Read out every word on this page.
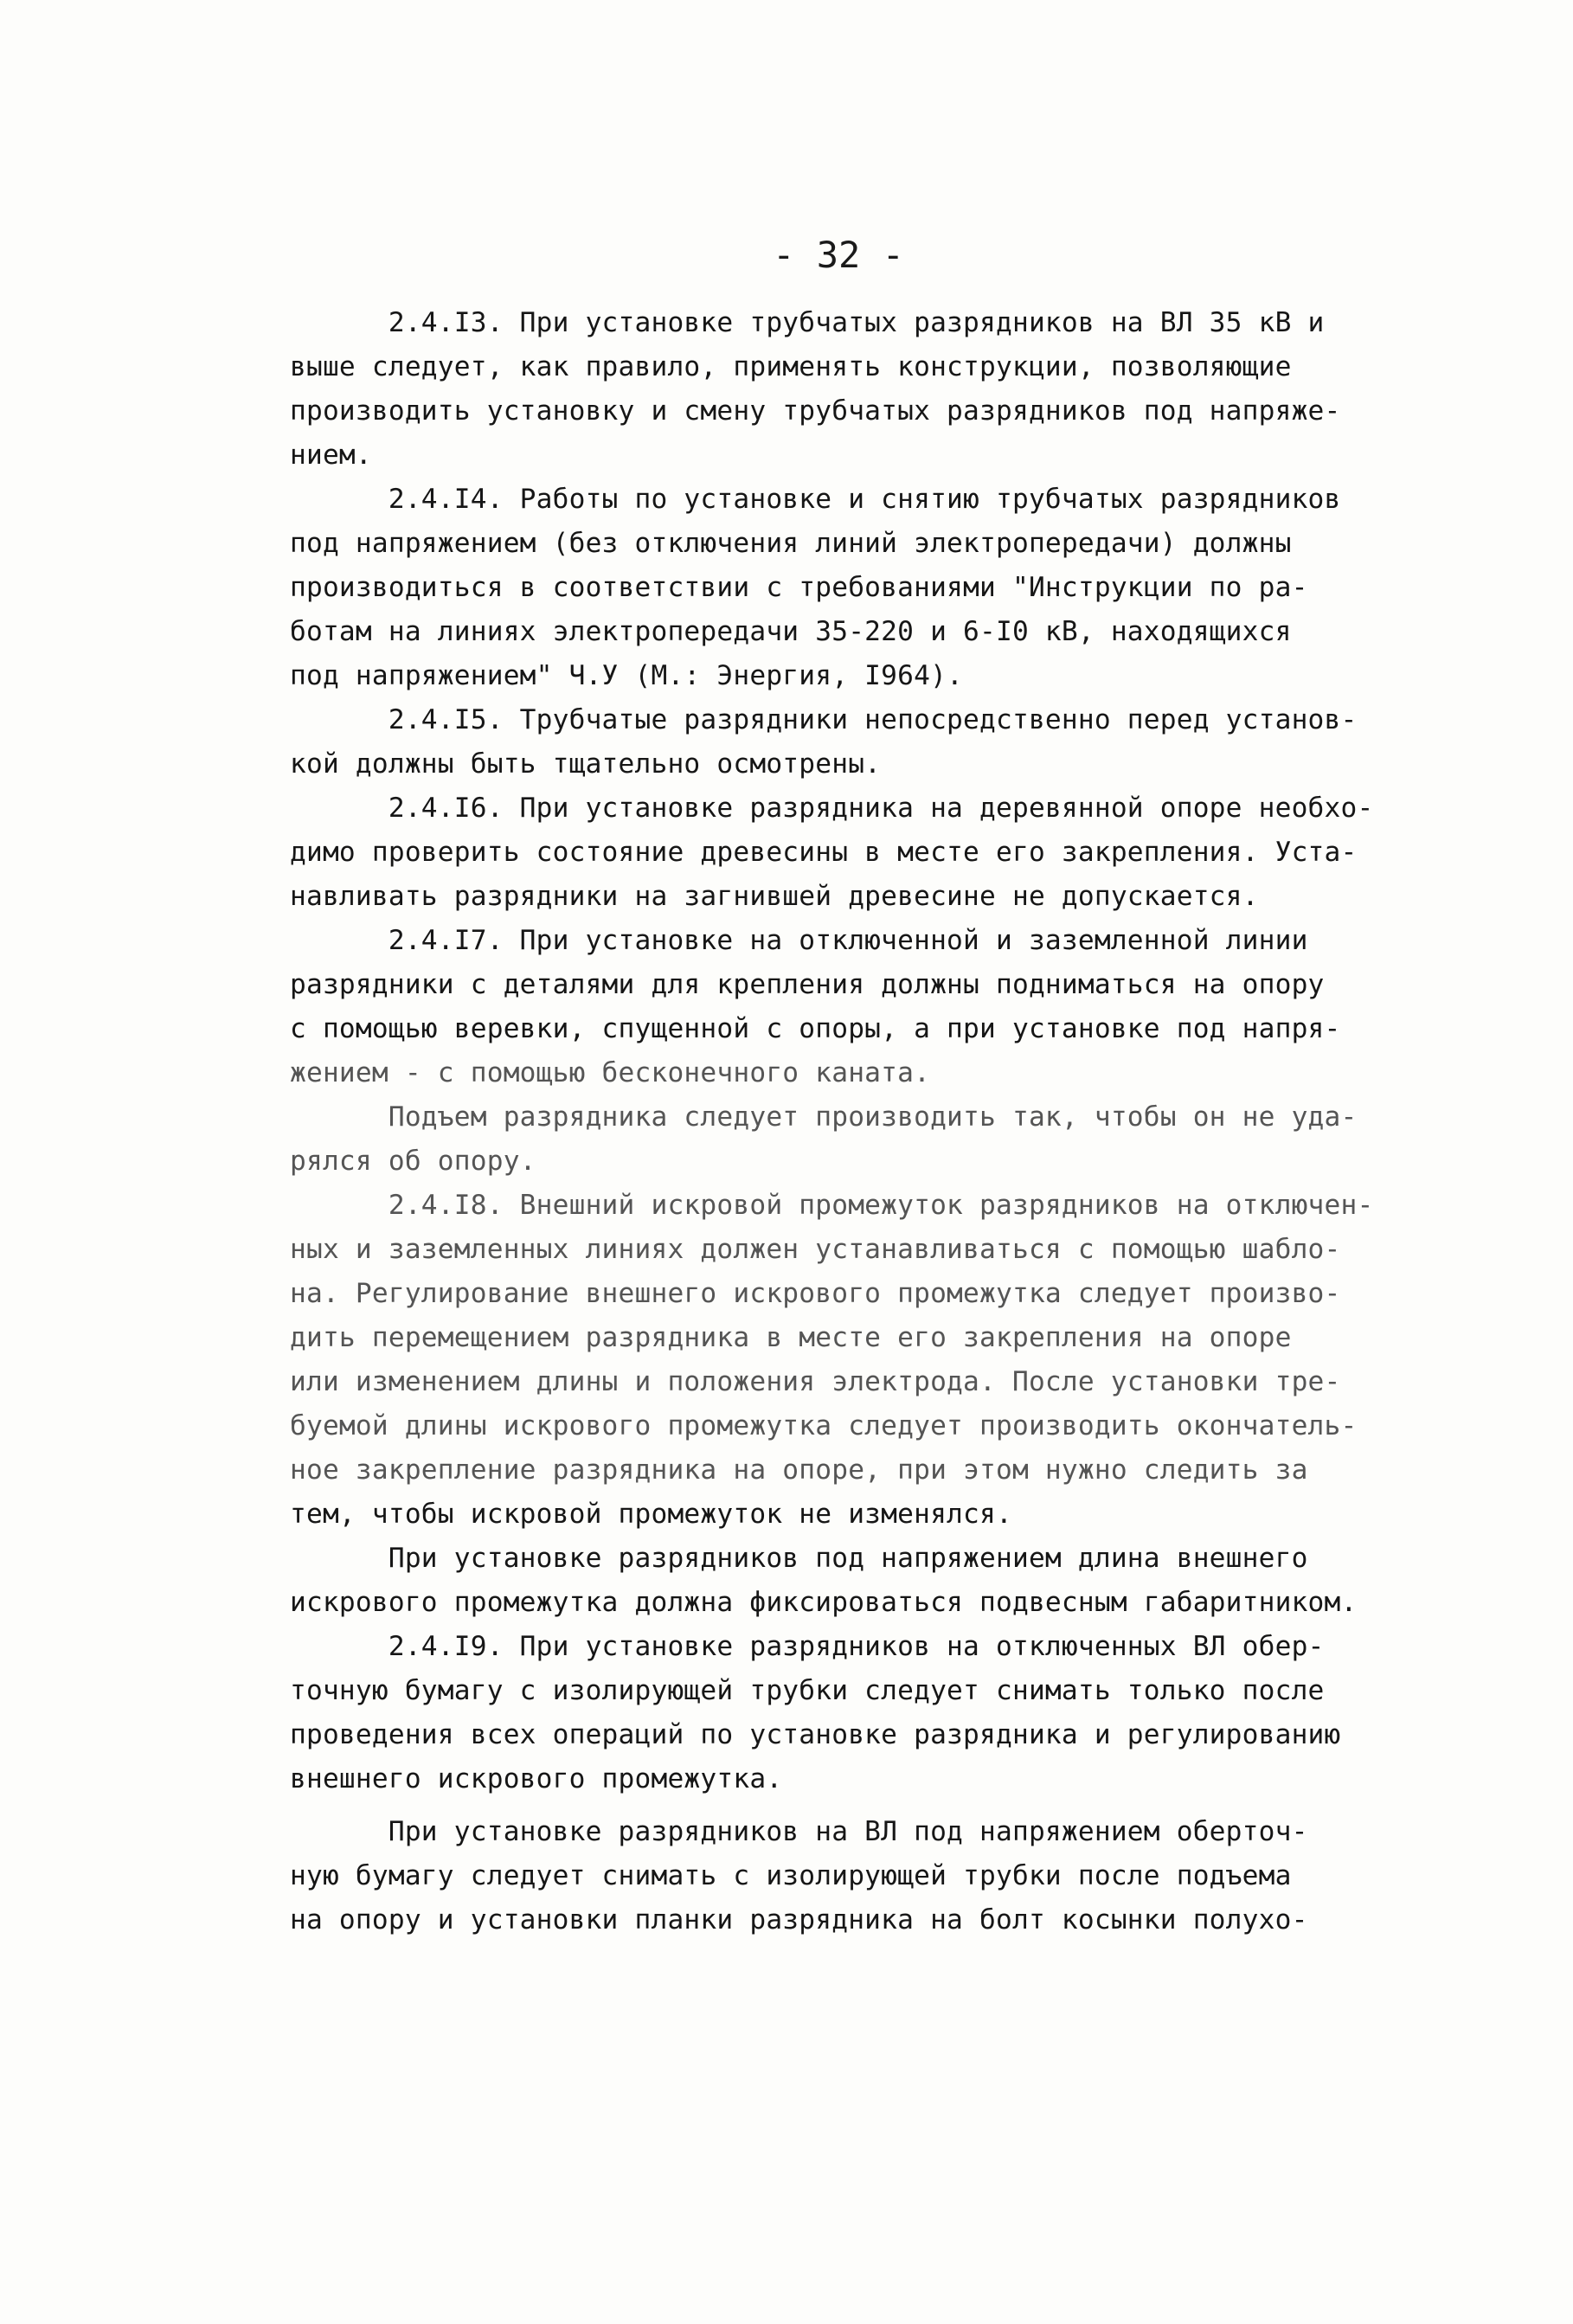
- 32 -
2.4.I3. При установке трубчатых разрядников на ВЛ 35 кВ и
выше следует, как правило, применять конструкции, позволяющие
производить установку и смену трубчатых разрядников под напряже-
нием.
2.4.I4. Работы по установке и снятию трубчатых разрядников
под напряжением (без отключения линий электропередачи) должны
производиться в соответствии с требованиями "Инструкции по ра-
ботам на линиях электропередачи 35-220 и 6-I0 кВ, находящихся
под напряжением" Ч.У (М.: Энергия, I964).
2.4.I5. Трубчатые разрядники непосредственно перед установ-
кой должны быть тщательно осмотрены.
2.4.I6. При установке разрядника на деревянной опоре необхо-
димо проверить состояние древесины в месте его закрепления. Уста-
навливать разрядники на загнившей древесине не допускается.
2.4.I7. При установке на отключенной и заземленной линии
разрядники с деталями для крепления должны подниматься на опору
с помощью веревки, спущенной с опоры, а при установке под напря-
жением - с помощью бесконечного каната.
Подъем разрядника следует производить так, чтобы он не уда-
рялся об опору.
2.4.I8. Внешний искровой промежуток разрядников на отключен-
ных и заземленных линиях должен устанавливаться с помощью шабло-
на. Регулирование внешнего искрового промежутка следует произво-
дить перемещением разрядника в месте его закрепления на опоре
или изменением длины и положения электрода. После установки тре-
буемой длины искрового промежутка следует производить окончатель-
ное закрепление разрядника на опоре, при этом нужно следить за
тем, чтобы искровой промежуток не изменялся.
При установке разрядников под напряжением длина внешнего
искрового промежутка должна фиксироваться подвесным габаритником.
2.4.I9. При установке разрядников на отключенных ВЛ обер-
точную бумагу с изолирующей трубки следует снимать только после
проведения всех операций по установке разрядника и регулированию
внешнего искрового промежутка.
При установке разрядников на ВЛ под напряжением оберточ-
ную бумагу следует снимать с изолирующей трубки после подъема
на опору и установки планки разрядника на болт косынки полухо-
